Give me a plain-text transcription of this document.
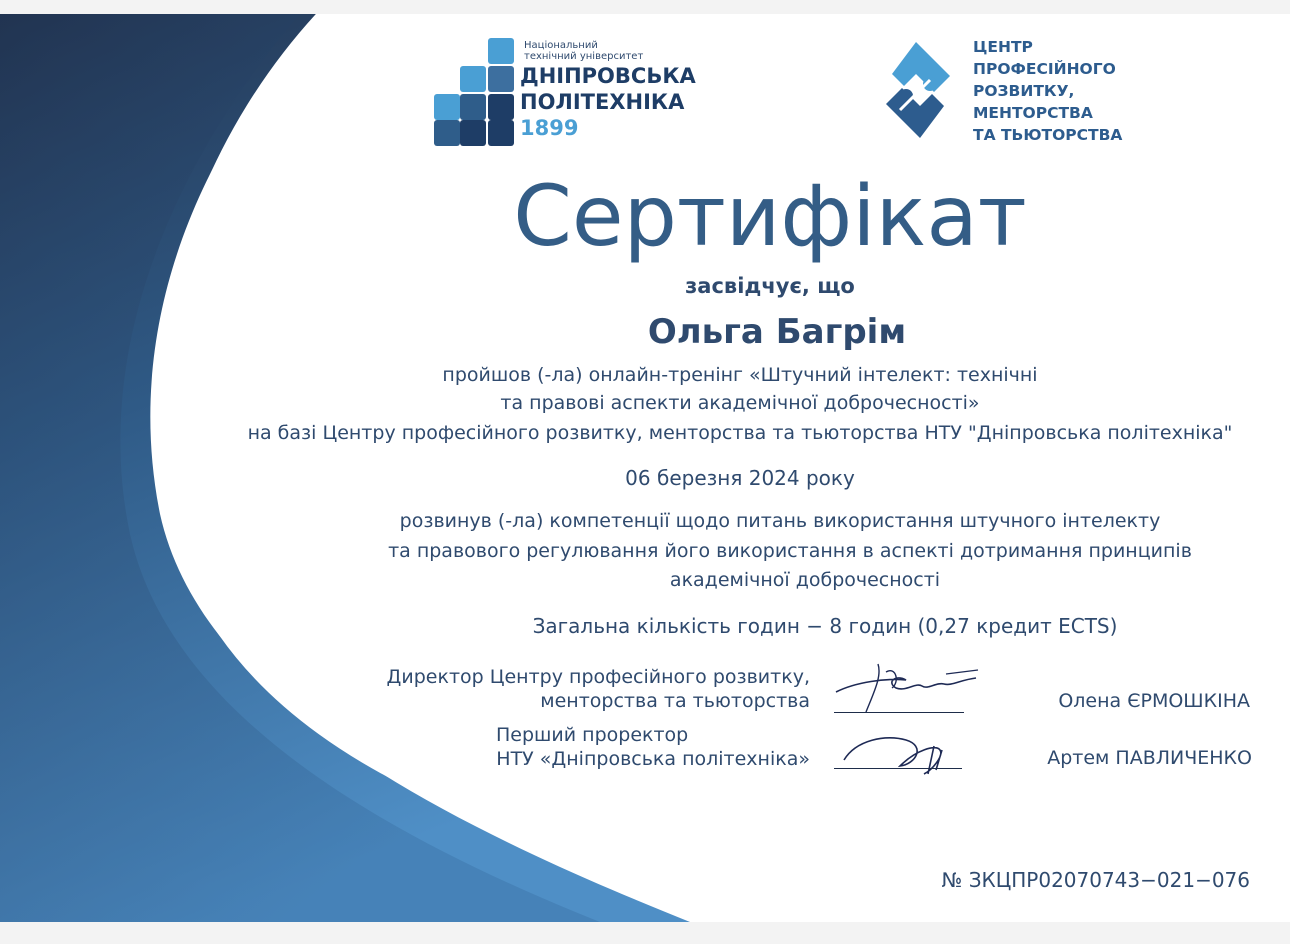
Національний
технічний університет
ДНІПРОВСЬКА
ПОЛІТЕХНІКА
1899
ЦЕНТР
ПРОФЕСІЙНОГО
РОЗВИТКУ,
МЕНТОРСТВА
ТА ТЬЮТОРСТВА
Сертифікат
засвідчує, що
Ольга Багрім
пройшов (-ла) онлайн-тренінг «Штучний інтелект: технічні
та правові аспекти академічної доброчесності»
на базі Центру професійного розвитку, менторства та тьюторства НТУ "Дніпровська політехніка"
06 березня 2024 року
розвинув (-ла) компетенції щодо питань використання штучного інтелекту
та правового регулювання його використання в аспекті дотримання принципів
академічної доброчесності
Загальна кількість годин − 8 годин (0,27 кредит ECTS)
Директор Центру професійного розвитку,
менторства та тьюторства	Олена ЄРМОШКІНА
Перший проректор
НТУ «Дніпровська політехніка»	Артем ПАВЛИЧЕНКО
№ ЗКЦПР02070743−021−076
